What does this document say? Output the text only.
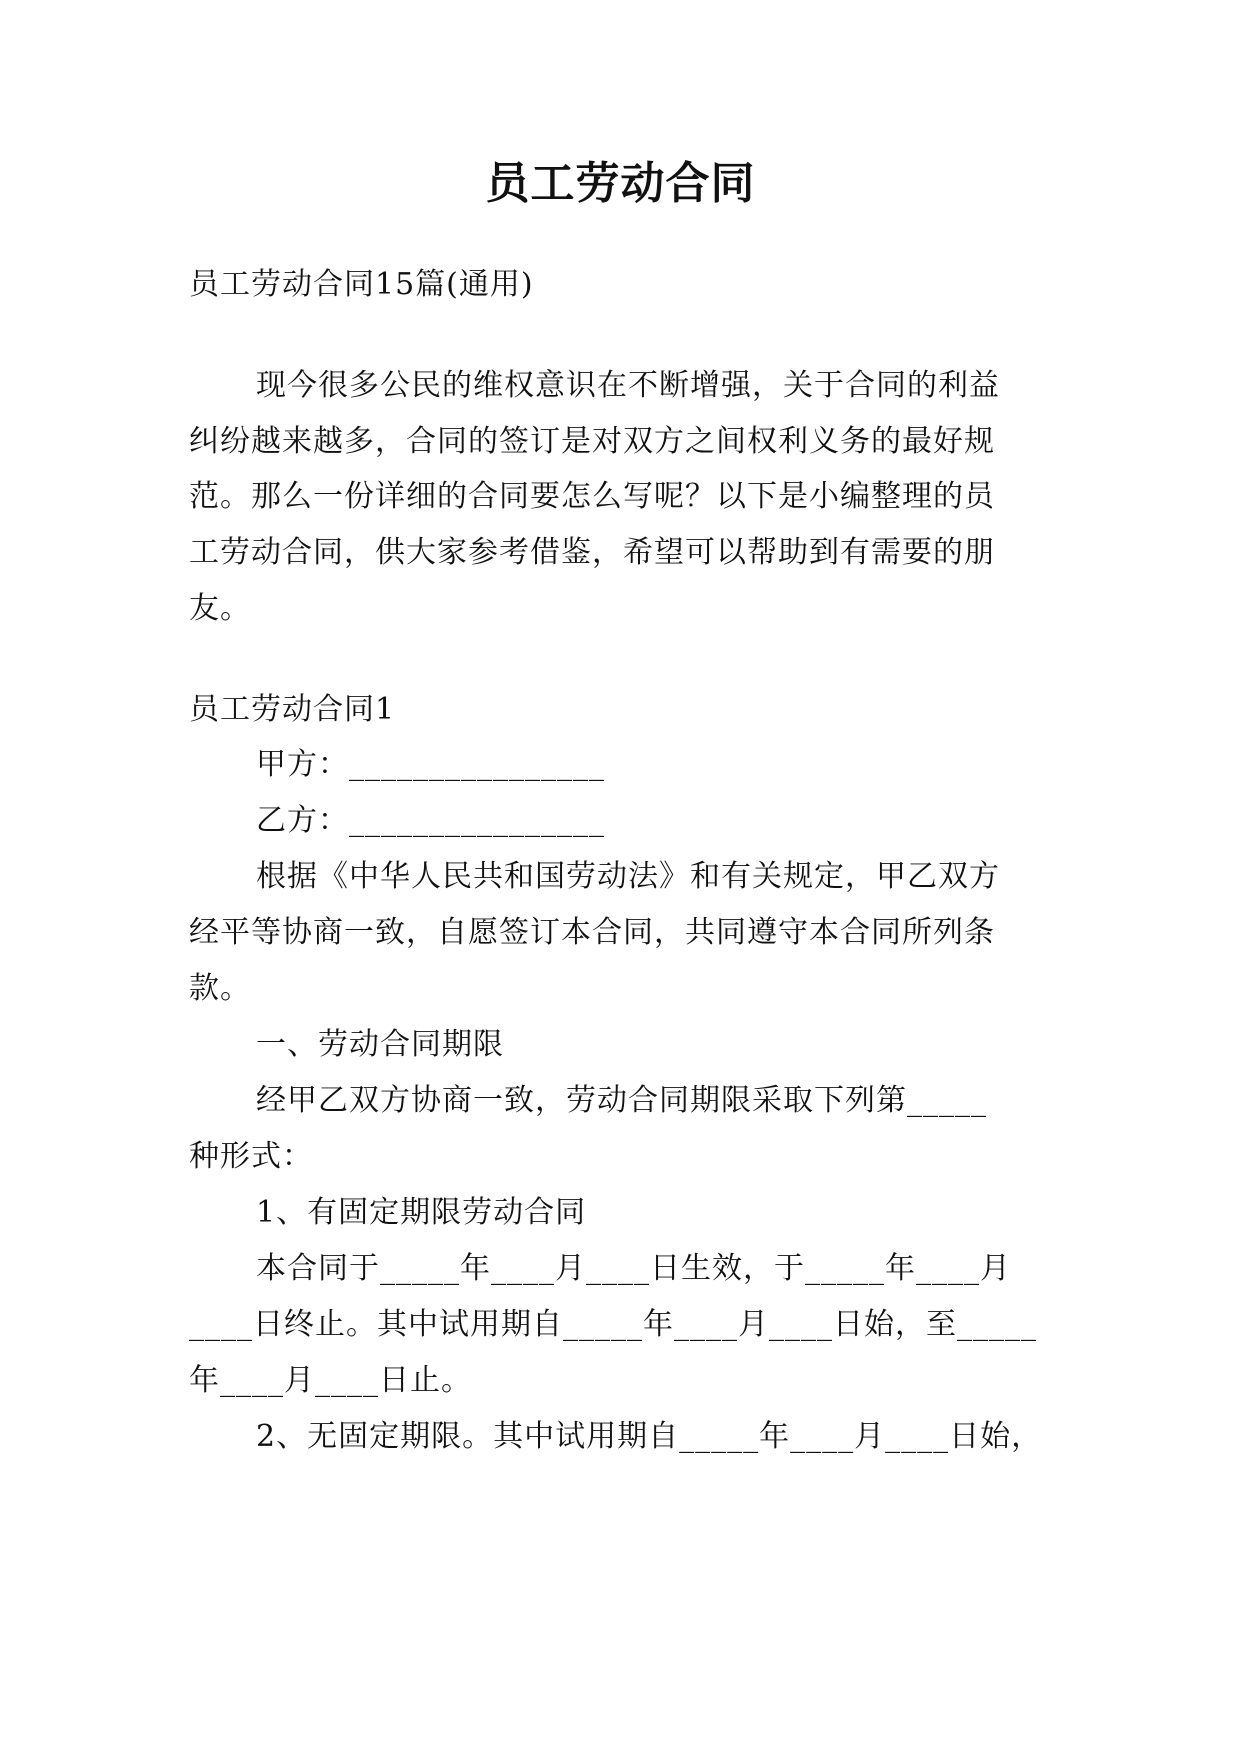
员工劳动合同

员工劳动合同15篇(通用)

现今很多公民的维权意识在不断增强，关于合同的利益

纠纷越来越多，合同的签订是对双方之间权利义务的最好规

范。那么一份详细的合同要怎么写呢？以下是小编整理的员

工劳动合同，供大家参考借鉴，希望可以帮助到有需要的朋

友。

员工劳动合同1

甲方：________________

乙方：________________

根据《中华人民共和国劳动法》和有关规定，甲乙双方

经平等协商一致，自愿签订本合同，共同遵守本合同所列条

款。

一、劳动合同期限

经甲乙双方协商一致，劳动合同期限采取下列第_____

种形式：

1、有固定期限劳动合同

本合同于_____年____月____日生效，于_____年____月

____日终止。其中试用期自_____年____月____日始，至_____

年____月____日止。

2、无固定期限。其中试用期自_____年____月____日始，
